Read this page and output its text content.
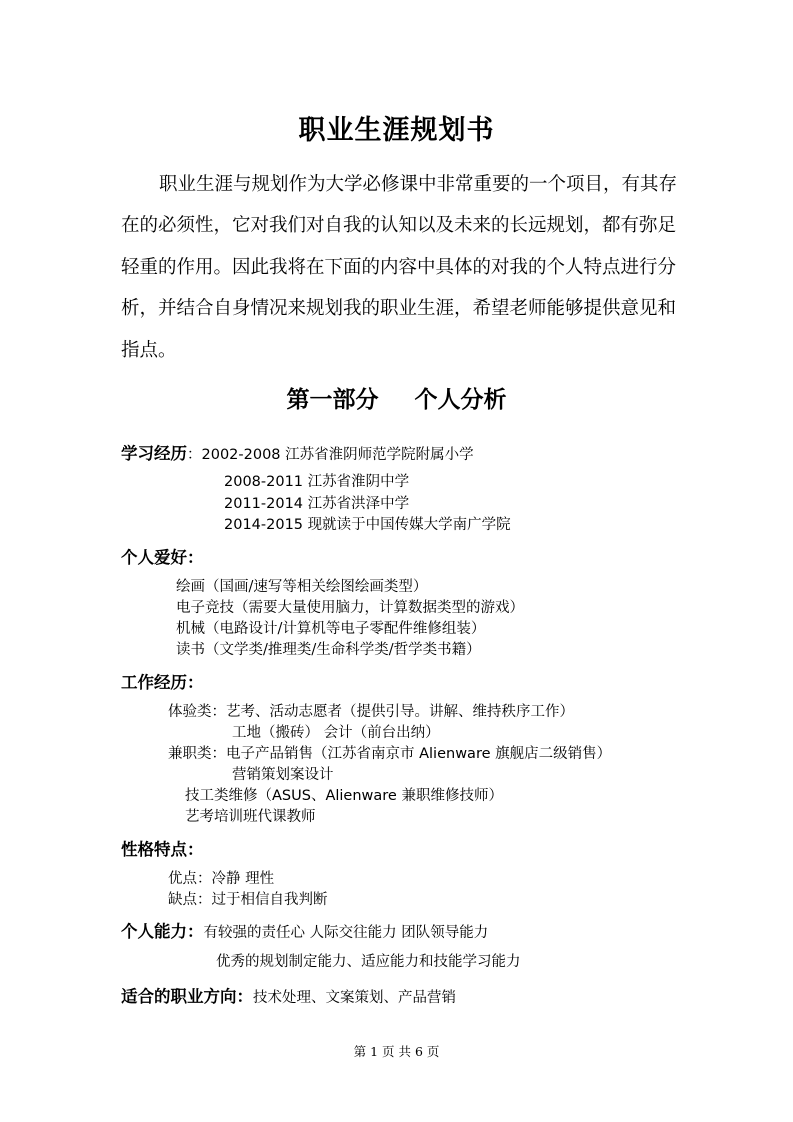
职业生涯规划书
职业生涯与规划作为大学必修课中非常重要的一个项目，有其存
在的必须性，它对我们对自我的认知以及未来的长远规划，都有弥足
轻重的作用。因此我将在下面的内容中具体的对我的个人特点进行分
析，并结合自身情况来规划我的职业生涯，希望老师能够提供意见和
指点。
第一部分 个人分析
学习经历：2002-2008 江苏省淮阴师范学院附属小学
2008-2011 江苏省淮阴中学
2011-2014 江苏省洪泽中学
2014-2015 现就读于中国传媒大学南广学院
个人爱好：
绘画（国画/速写等相关绘图绘画类型）
电子竞技（需要大量使用脑力，计算数据类型的游戏）
机械（电路设计/计算机等电子零配件维修组装）
读书（文学类/推理类/生命科学类/哲学类书籍）
工作经历：
体验类：艺考、活动志愿者（提供引导。讲解、维持秩序工作）
工地（搬砖） 会计（前台出纳）
兼职类：电子产品销售（江苏省南京市 Alienware 旗舰店二级销售）
营销策划案设计
技工类维修（ASUS、Alienware 兼职维修技师）
艺考培训班代课教师
性格特点：
优点：冷静 理性
缺点：过于相信自我判断
个人能力：有较强的责任心 人际交往能力 团队领导能力
优秀的规划制定能力、适应能力和技能学习能力
适合的职业方向：技术处理、文案策划、产品营销
第 1 页 共 6 页
